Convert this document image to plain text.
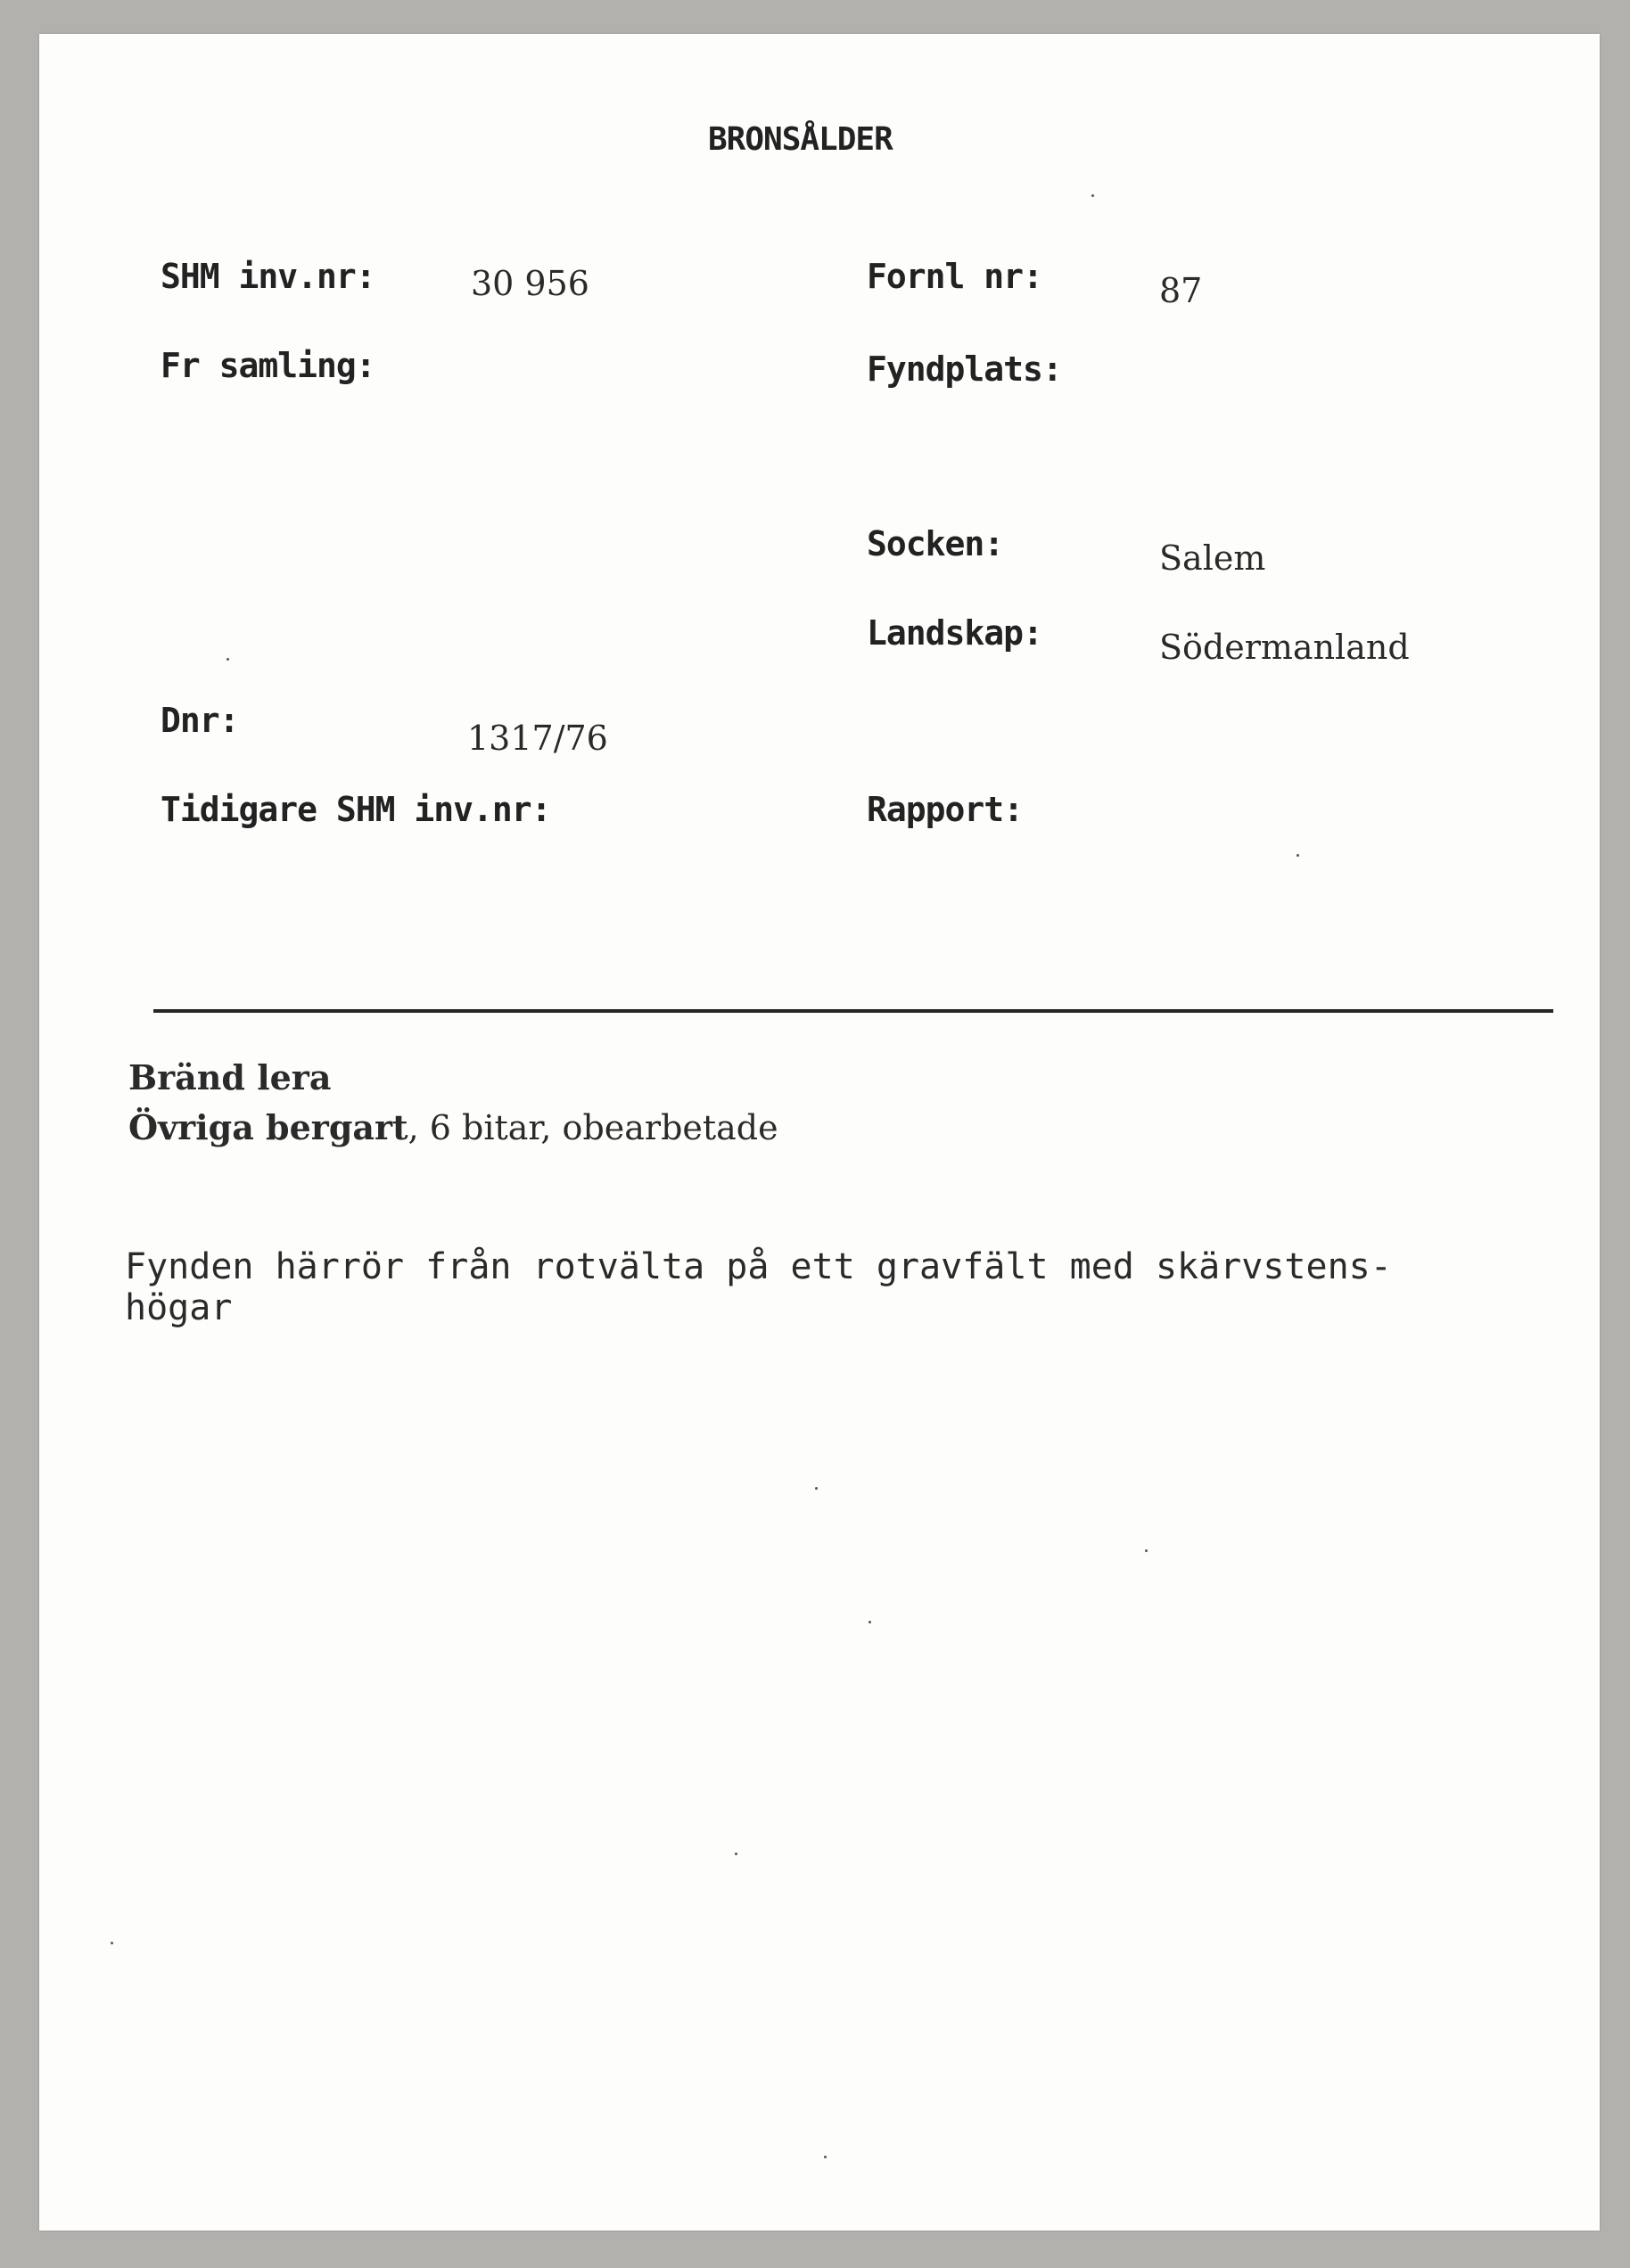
BRONSÅLDER
SHM inv.nr:	30 956	Fornl nr:	87
Fr samling:	Fyndplats:
Socken:	Salem
Landskap:	Södermanland
Dnr:	1317/76
Tidigare SHM inv.nr:	Rapport:
Bränd lera
Övriga bergart, 6 bitar, obearbetade
Fynden härrör från rotvälta på ett gravfält med skärvstens-
högar
